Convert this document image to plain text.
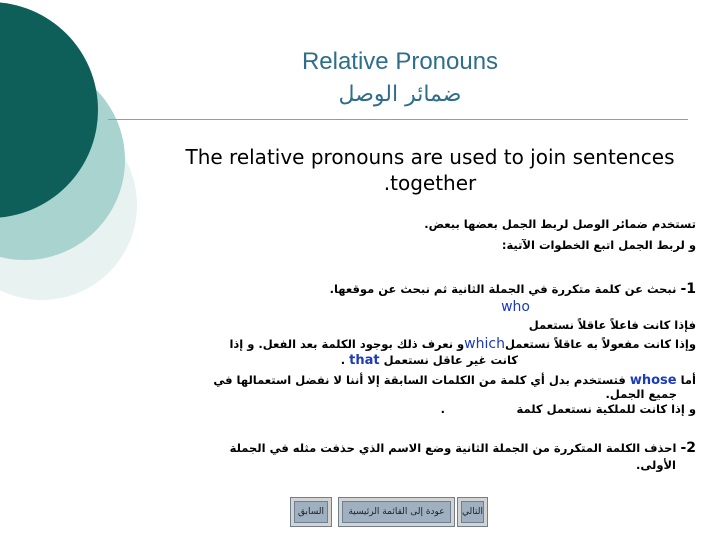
Relative Pronouns
ضمائر الوصل
The relative pronouns are used to join sentences together.
تستخدم ضمائر الوصل لربط الجمل بعضها ببعض.
و لربط الجمل اتبع الخطوات الآتية:
1- نبحث عن كلمة متكررة في الجملة الثانية ثم نبحث عن موقعها.
who
فإذا كانت فاعلاً عاقلاً نستعمل
وإذا كانت مفعولاً به عاقلاً نستعملwhichو نعرف ذلك بوجود الكلمة بعد الفعل. و إذا
كانت غير عاقل نستعمل that .
أما whose فتستخدم بدل أي كلمة من الكلمات السابقة إلا أننا لا نفضل استعمالها في
جميع الجمل.
و إذا كانت للملكية نستعمل كلمة
.
2- احذف الكلمة المتكررة من الجملة الثانية وضع الاسم الذي حذفت مثله في الجملة
الأولى.
التالي
عودة إلى القائمة الرئيسية
السابق
